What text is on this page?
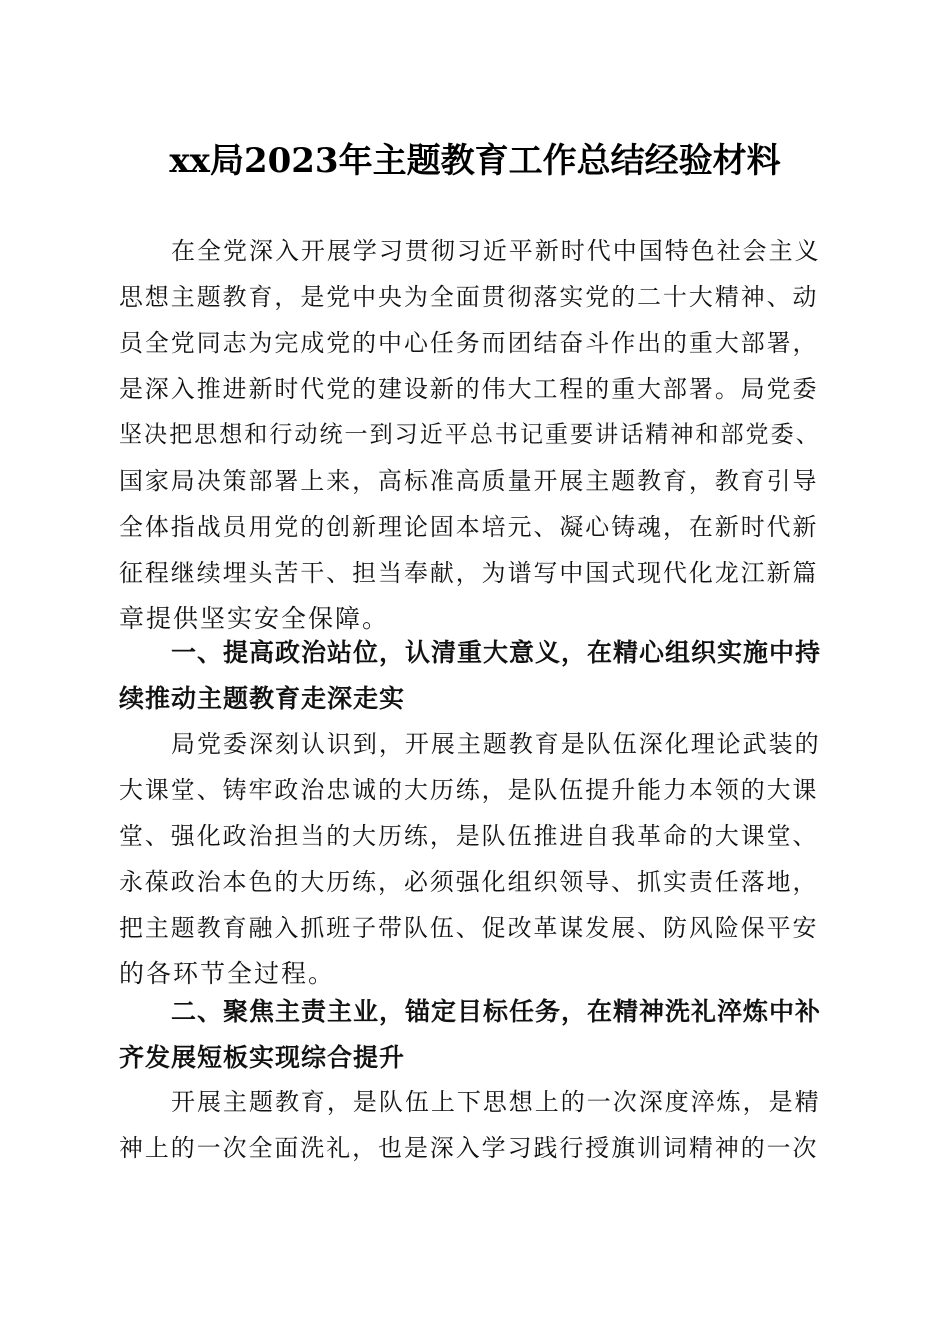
xx局2023年主题教育工作总结经验材料
在全党深入开展学习贯彻习近平新时代中国特色社会主义
思想主题教育，是党中央为全面贯彻落实党的二十大精神、动
员全党同志为完成党的中心任务而团结奋斗作出的重大部署，
是深入推进新时代党的建设新的伟大工程的重大部署。局党委
坚决把思想和行动统一到习近平总书记重要讲话精神和部党委、
国家局决策部署上来，高标准高质量开展主题教育，教育引导
全体指战员用党的创新理论固本培元、凝心铸魂，在新时代新
征程继续埋头苦干、担当奉献，为谱写中国式现代化龙江新篇
章提供坚实安全保障。
一、提高政治站位，认清重大意义，在精心组织实施中持
续推动主题教育走深走实
局党委深刻认识到，开展主题教育是队伍深化理论武装的
大课堂、铸牢政治忠诚的大历练，是队伍提升能力本领的大课
堂、强化政治担当的大历练，是队伍推进自我革命的大课堂、
永葆政治本色的大历练，必须强化组织领导、抓实责任落地，
把主题教育融入抓班子带队伍、促改革谋发展、防风险保平安
的各环节全过程。
二、聚焦主责主业，锚定目标任务，在精神洗礼淬炼中补
齐发展短板实现综合提升
开展主题教育，是队伍上下思想上的一次深度淬炼，是精
神上的一次全面洗礼，也是深入学习践行授旗训词精神的一次
